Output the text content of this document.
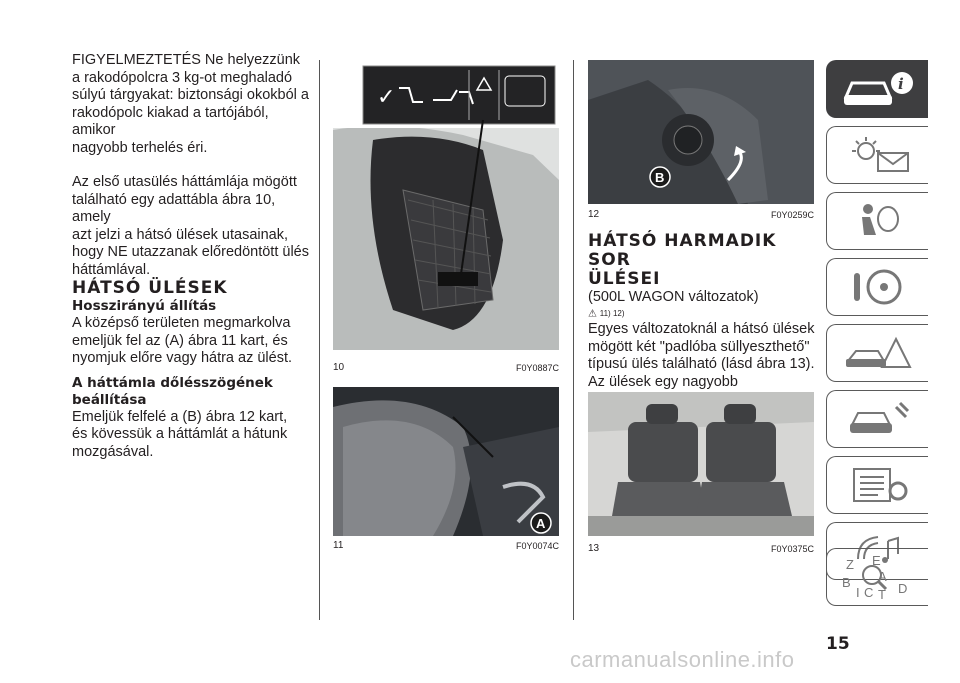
FIGYELMEZTETÉS Ne helyezzünk

a rakodópolcra 3 kg-ot meghaladó

súlyú tárgyakat: biztonsági okokból a

rakodópolc kiakad a tartójából, amikor

nagyobb terhelés éri.

Az első utasülés háttámlája mögött

található egy adattábla ábra 10, amely

azt jelzi a hátsó ülések utasainak,

hogy NE utazzanak előredöntött ülés

háttámlával.

HÁTSÓ ÜLÉSEK

Hosszirányú állítás

A középső területen megmarkolva

emeljük fel az (A) ábra 11 kart, és

nyomjuk előre vagy hátra az ülést.

A háttámla dőlésszögének

beállítása

Emeljük felfelé a (B) ábra 12 kart,

és kövessük a háttámlát a hátunk

mozgásával.

✓
10	F0Y0887C
A
11	F0Y0074C
B
12	F0Y0259C

HÁTSÓ HARMADIK SOR

ÜLÉSEI

(500L WAGON változatok)

⚠ 11) 12)

Egyes változatoknál a hátsó ülések

mögött két "padlóba süllyeszthető"

típusú ülés található (lásd ábra 13).

Az ülések egy nagyobb

13	F0Y0375C
i
Z E
A
B	D
I C T
15
carmanualsonline.info
